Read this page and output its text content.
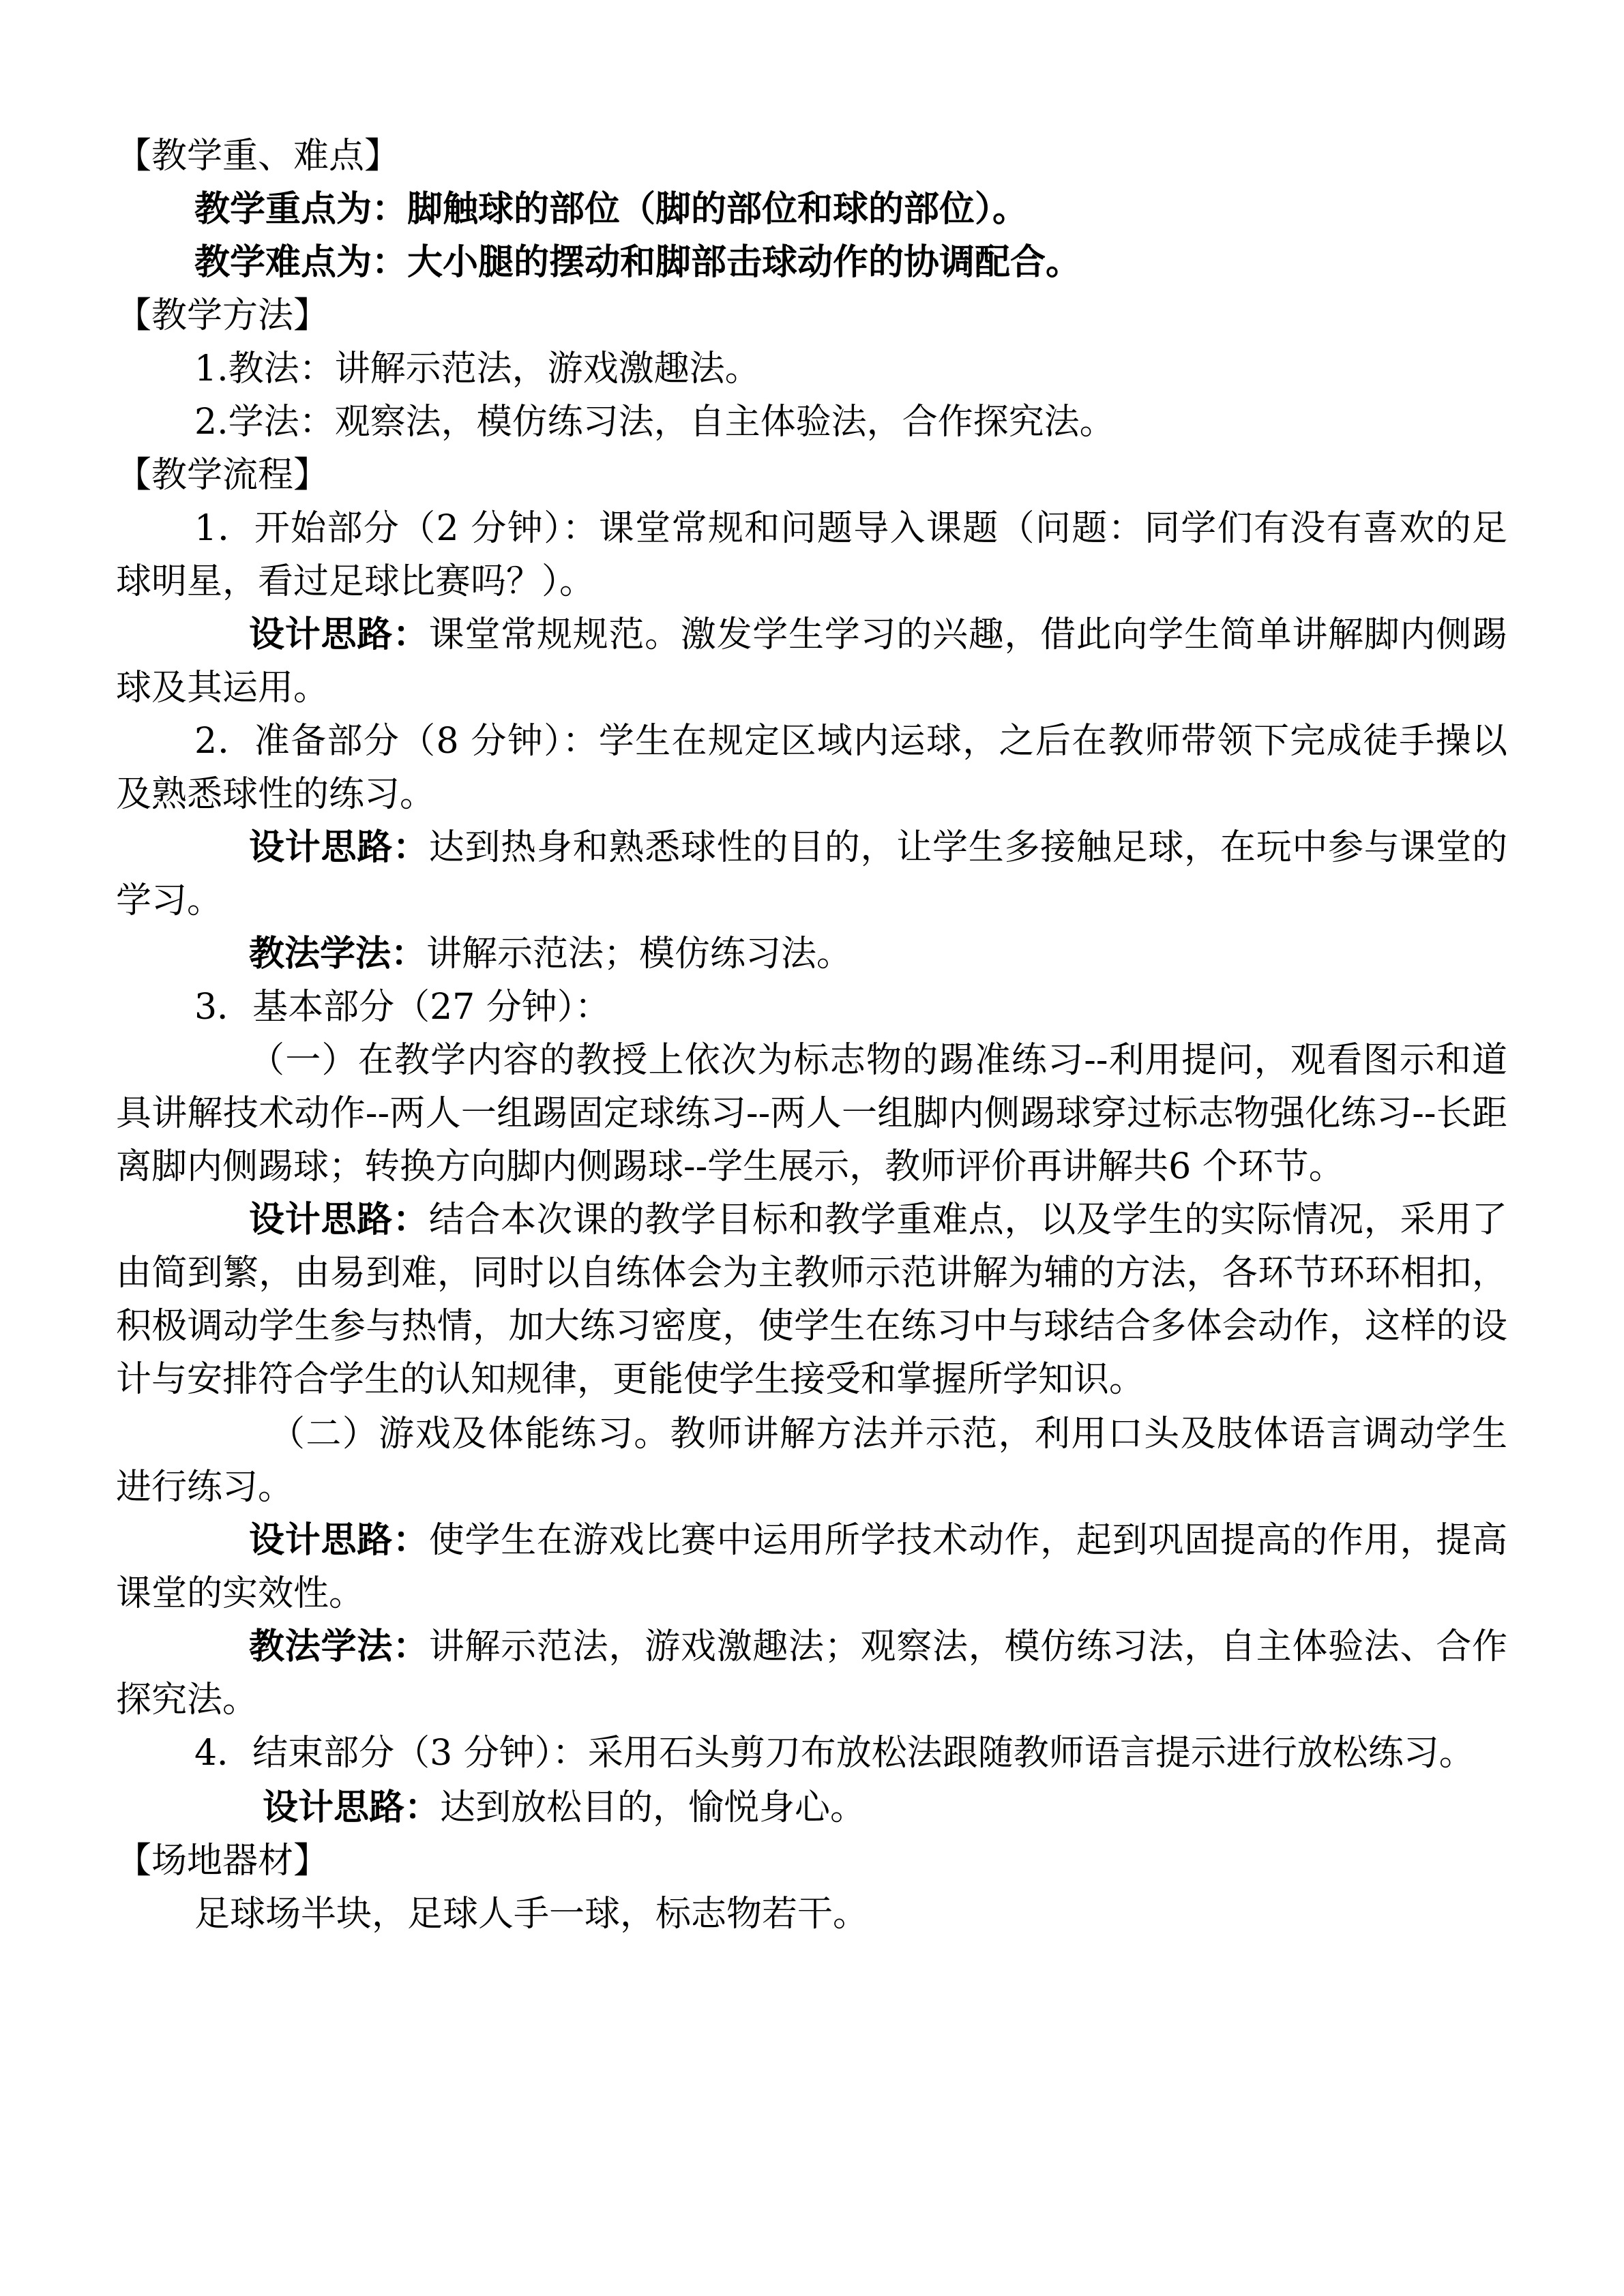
【教学重、难点】

教学重点为：脚触球的部位（脚的部位和球的部位）。

教学难点为：大小腿的摆动和脚部击球动作的协调配合。

【教学方法】

1.教法：讲解示范法，游戏激趣法。

2.学法：观察法，模仿练习法，自主体验法，合作探究法。

【教学流程】

1．开始部分（2 分钟）：课堂常规和问题导入课题（问题：同学们有没有喜欢的足球明星，看过足球比赛吗？）。

设计思路：课堂常规规范。激发学生学习的兴趣，借此向学生简单讲解脚内侧踢球及其运用。

2．准备部分（8 分钟）：学生在规定区域内运球，之后在教师带领下完成徒手操以及熟悉球性的练习。

设计思路：达到热身和熟悉球性的目的，让学生多接触足球，在玩中参与课堂的学习。

教法学法：讲解示范法；模仿练习法。

3．基本部分（27 分钟）：

（一）在教学内容的教授上依次为标志物的踢准练习--利用提问，观看图示和道具讲解技术动作--两人一组踢固定球练习--两人一组脚内侧踢球穿过标志物强化练习--长距离脚内侧踢球；转换方向脚内侧踢球--学生展示，教师评价再讲解共6 个环节。

设计思路：结合本次课的教学目标和教学重难点，以及学生的实际情况，采用了由简到繁，由易到难，同时以自练体会为主教师示范讲解为辅的方法，各环节环环相扣，积极调动学生参与热情，加大练习密度，使学生在练习中与球结合多体会动作，这样的设计与安排符合学生的认知规律，更能使学生接受和掌握所学知识。

（二）游戏及体能练习。教师讲解方法并示范，利用口头及肢体语言调动学生进行练习。

设计思路：使学生在游戏比赛中运用所学技术动作，起到巩固提高的作用，提高课堂的实效性。

教法学法：讲解示范法，游戏激趣法；观察法，模仿练习法，自主体验法、合作探究法。

4．结束部分（3 分钟）：采用石头剪刀布放松法跟随教师语言提示进行放松练习。

设计思路：达到放松目的，愉悦身心。

【场地器材】

足球场半块，足球人手一球，标志物若干。
